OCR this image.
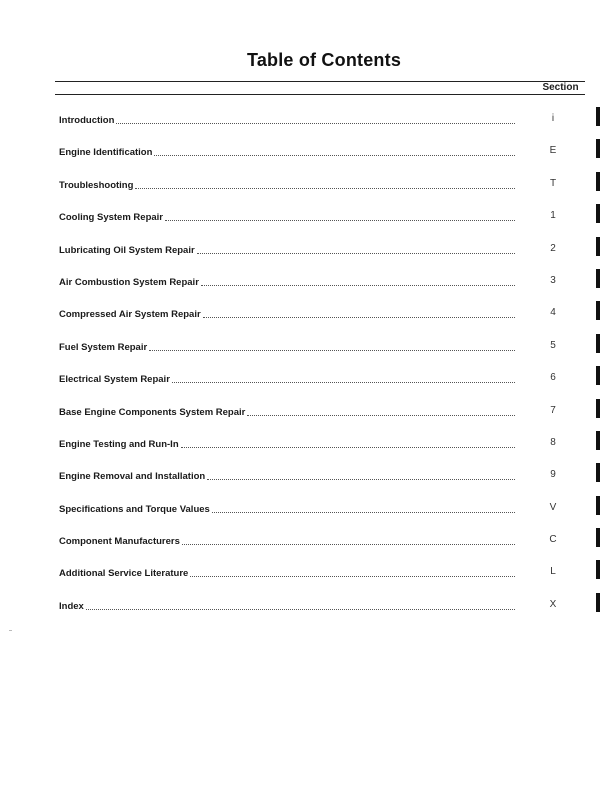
Table of Contents
Section
Introduction	i
Engine Identification	E
Troubleshooting	T
Cooling System Repair	1
Lubricating Oil System Repair	2
Air Combustion System Repair	3
Compressed Air System Repair	4
Fuel System Repair	5
Electrical System Repair	6
Base Engine Components System Repair	7
Engine Testing and Run-In	8
Engine Removal and Installation	9
Specifications and Torque Values	V
Component Manufacturers	C
Additional Service Literature	L
Index	X
